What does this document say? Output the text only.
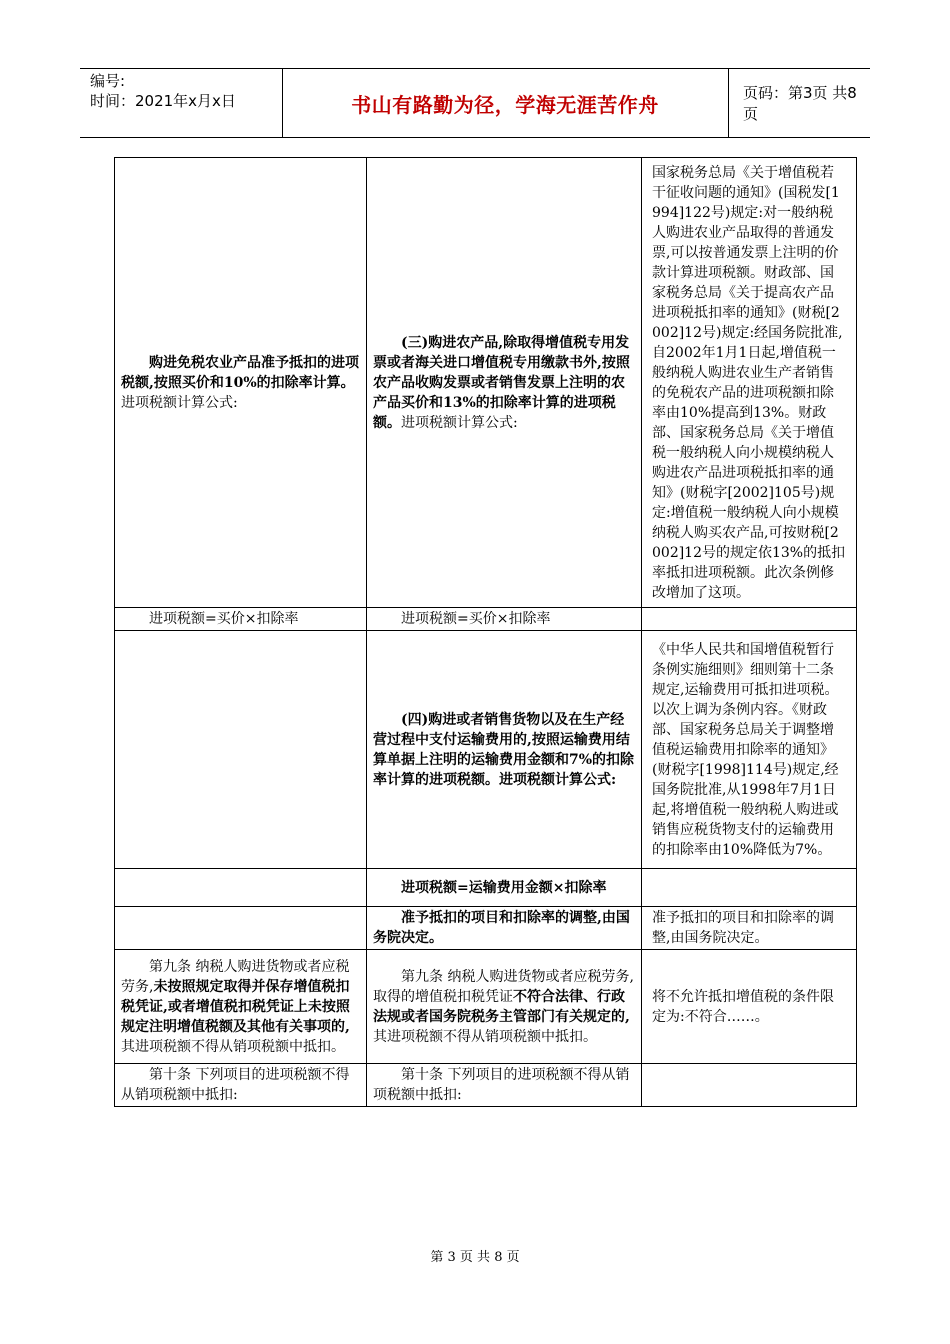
编号:
时间：2021年x月x日	书山有路勤为径，学海无涯苦作舟	页码：第3页 共8页
购进免税农业产品准予抵扣的进项税额,按照买价和10%的扣除率计算。进项税额计算公式:	(三)购进农产品,除取得增值税专用发票或者海关进口增值税专用缴款书外,按照农产品收购发票或者销售发票上注明的农产品买价和13%的扣除率计算的进项税额。进项税额计算公式:	国家税务总局《关于增值税若干征收问题的通知》(国税发[1994]122号)规定:对一般纳税人购进农业产品取得的普通发票,可以按普通发票上注明的价款计算进项税额。财政部、国家税务总局《关于提高农产品进项税抵扣率的通知》(财税[2002]12号)规定:经国务院批准,自2002年1月1日起,增值税一般纳税人购进农业生产者销售的免税农产品的进项税额扣除率由10%提高到13%。财政部、国家税务总局《关于增值税一般纳税人向小规模纳税人购进农产品进项税抵扣率的通知》(财税字[2002]105号)规定:增值税一般纳税人向小规模纳税人购买农产品,可按财税[2002]12号的规定依13%的抵扣率抵扣进项税额。此次条例修改增加了这项。
进项税额=买价×扣除率	进项税额=买价×扣除率	
	(四)购进或者销售货物以及在生产经营过程中支付运输费用的,按照运输费用结算单据上注明的运输费用金额和7%的扣除率计算的进项税额。进项税额计算公式:	《中华人民共和国增值税暂行条例实施细则》细则第十二条规定,运输费用可抵扣进项税。以次上调为条例内容。《财政部、国家税务总局关于调整增值税运输费用扣除率的通知》(财税字[1998]114号)规定,经国务院批准,从1998年7月1日起,将增值税一般纳税人购进或销售应税货物支付的运输费用的扣除率由10%降低为7%。
	进项税额=运输费用金额×扣除率	
	准予抵扣的项目和扣除率的调整,由国务院决定。	准予抵扣的项目和扣除率的调整,由国务院决定。
第九条 纳税人购进货物或者应税劳务,未按照规定取得并保存增值税扣税凭证,或者增值税扣税凭证上未按照规定注明增值税额及其他有关事项的,其进项税额不得从销项税额中抵扣。	第九条 纳税人购进货物或者应税劳务,取得的增值税扣税凭证不符合法律、行政法规或者国务院税务主管部门有关规定的,其进项税额不得从销项税额中抵扣。	将不允许抵扣增值税的条件限定为:不符合……。
第十条 下列项目的进项税额不得从销项税额中抵扣:	第十条 下列项目的进项税额不得从销项税额中抵扣:	
第 3 页 共 8 页
